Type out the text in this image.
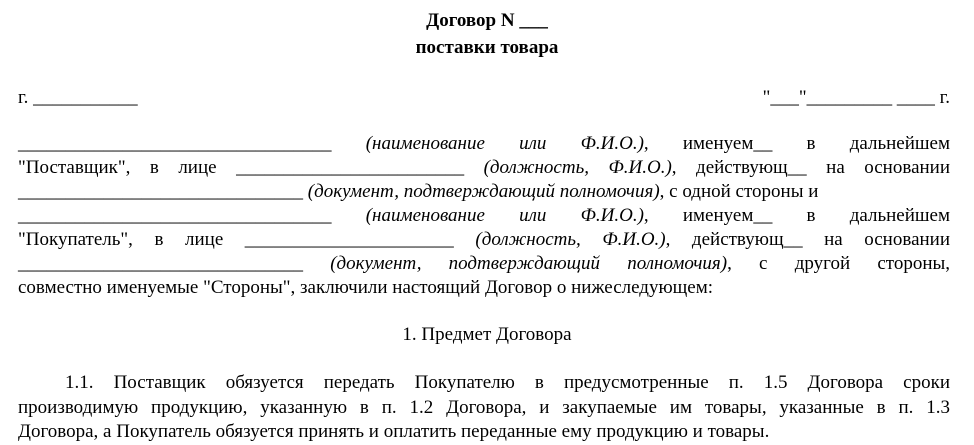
Договор N ___
поставки товара
г. ___________	"___"_________ ____ г.
_________________________________ (наименование или Ф.И.О.), именуем__ в дальнейшем
"Поставщик", в лице ________________________ (должность, Ф.И.О.), действующ__ на основании
______________________________ (документ, подтверждающий полномочия), с одной стороны и
_________________________________ (наименование или Ф.И.О.), именуем__ в дальнейшем
"Покупатель", в лице ______________________ (должность, Ф.И.О.), действующ__ на основании
______________________________ (документ, подтверждающий полномочия), с другой стороны,
совместно именуемые "Стороны", заключили настоящий Договор о нижеследующем:
1. Предмет Договора
1.1. Поставщик обязуется передать Покупателю в предусмотренные п. 1.5 Договора сроки
производимую продукцию, указанную в п. 1.2 Договора, и закупаемые им товары, указанные в п. 1.3
Договора, а Покупатель обязуется принять и оплатить переданные ему продукцию и товары.
